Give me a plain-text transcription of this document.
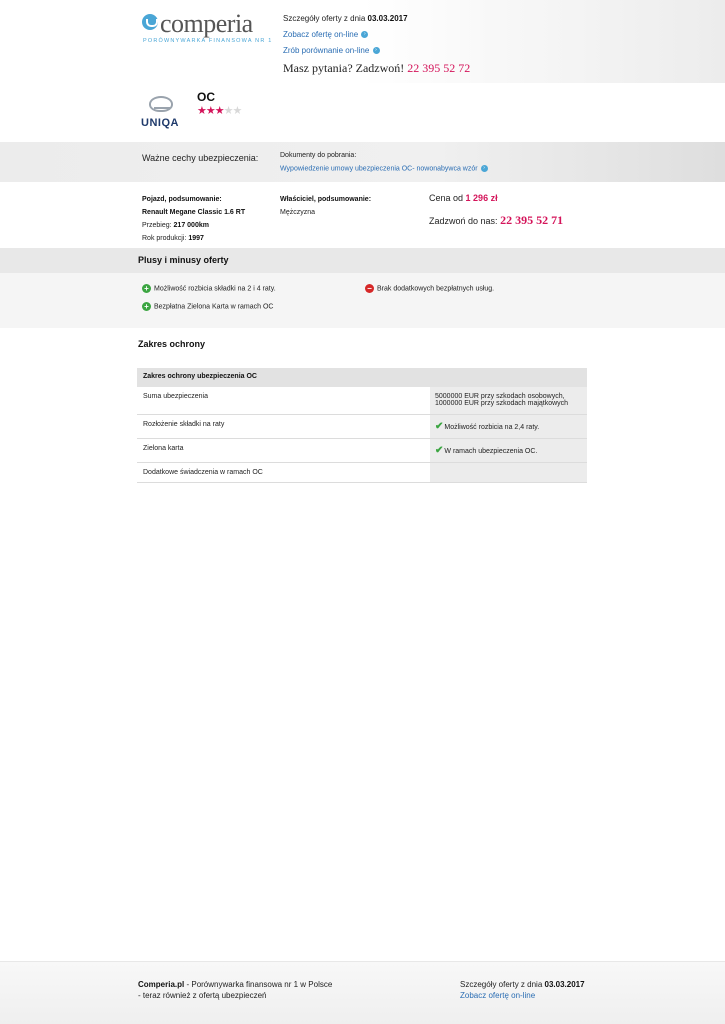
comperia
PORÓWNYWARKA FINANSOWA NR 1
Szczegóły oferty z dnia 03.03.2017
Zobacz ofertę on-line ›
Zrób porównanie on-line ›
Masz pytania? Zadzwoń! 22 395 52 72
UNIQA
OC
★★★★★
Ważne cechy ubezpieczenia:	Dokumenty do pobrania:
Wypowiedzenie umowy ubezpieczenia OC- nowonabywca wzór ›
Pojazd, podsumowanie:
Renault Megane Classic 1.6 RT
Przebieg: 217 000km
Rok produkcji: 1997
Właściciel, podsumowanie:
Mężczyzna
Cena od 1 296 zł
Zadzwoń do nas: 22 395 52 71
Plusy i minusy oferty
+ Możliwość rozbicia składki na 2 i 4 raty.
+ Bezpłatna Zielona Karta w ramach OC
− Brak dodatkowych bezpłatnych usług.
Zakres ochrony
Zakres ochrony ubezpieczenia OC
Suma ubezpieczenia	5000000 EUR przy szkodach osobowych,
1000000 EUR przy szkodach majątkowych
Rozłożenie składki na raty	✔Możliwość rozbicia na 2,4 raty.
Zielona karta	✔W ramach ubezpieczenia OC.
Dodatkowe świadczenia w ramach OC
Comperia.pl - Porównywarka finansowa nr 1 w Polsce
- teraz również z ofertą ubezpieczeń
Szczegóły oferty z dnia 03.03.2017
Zobacz ofertę on-line
